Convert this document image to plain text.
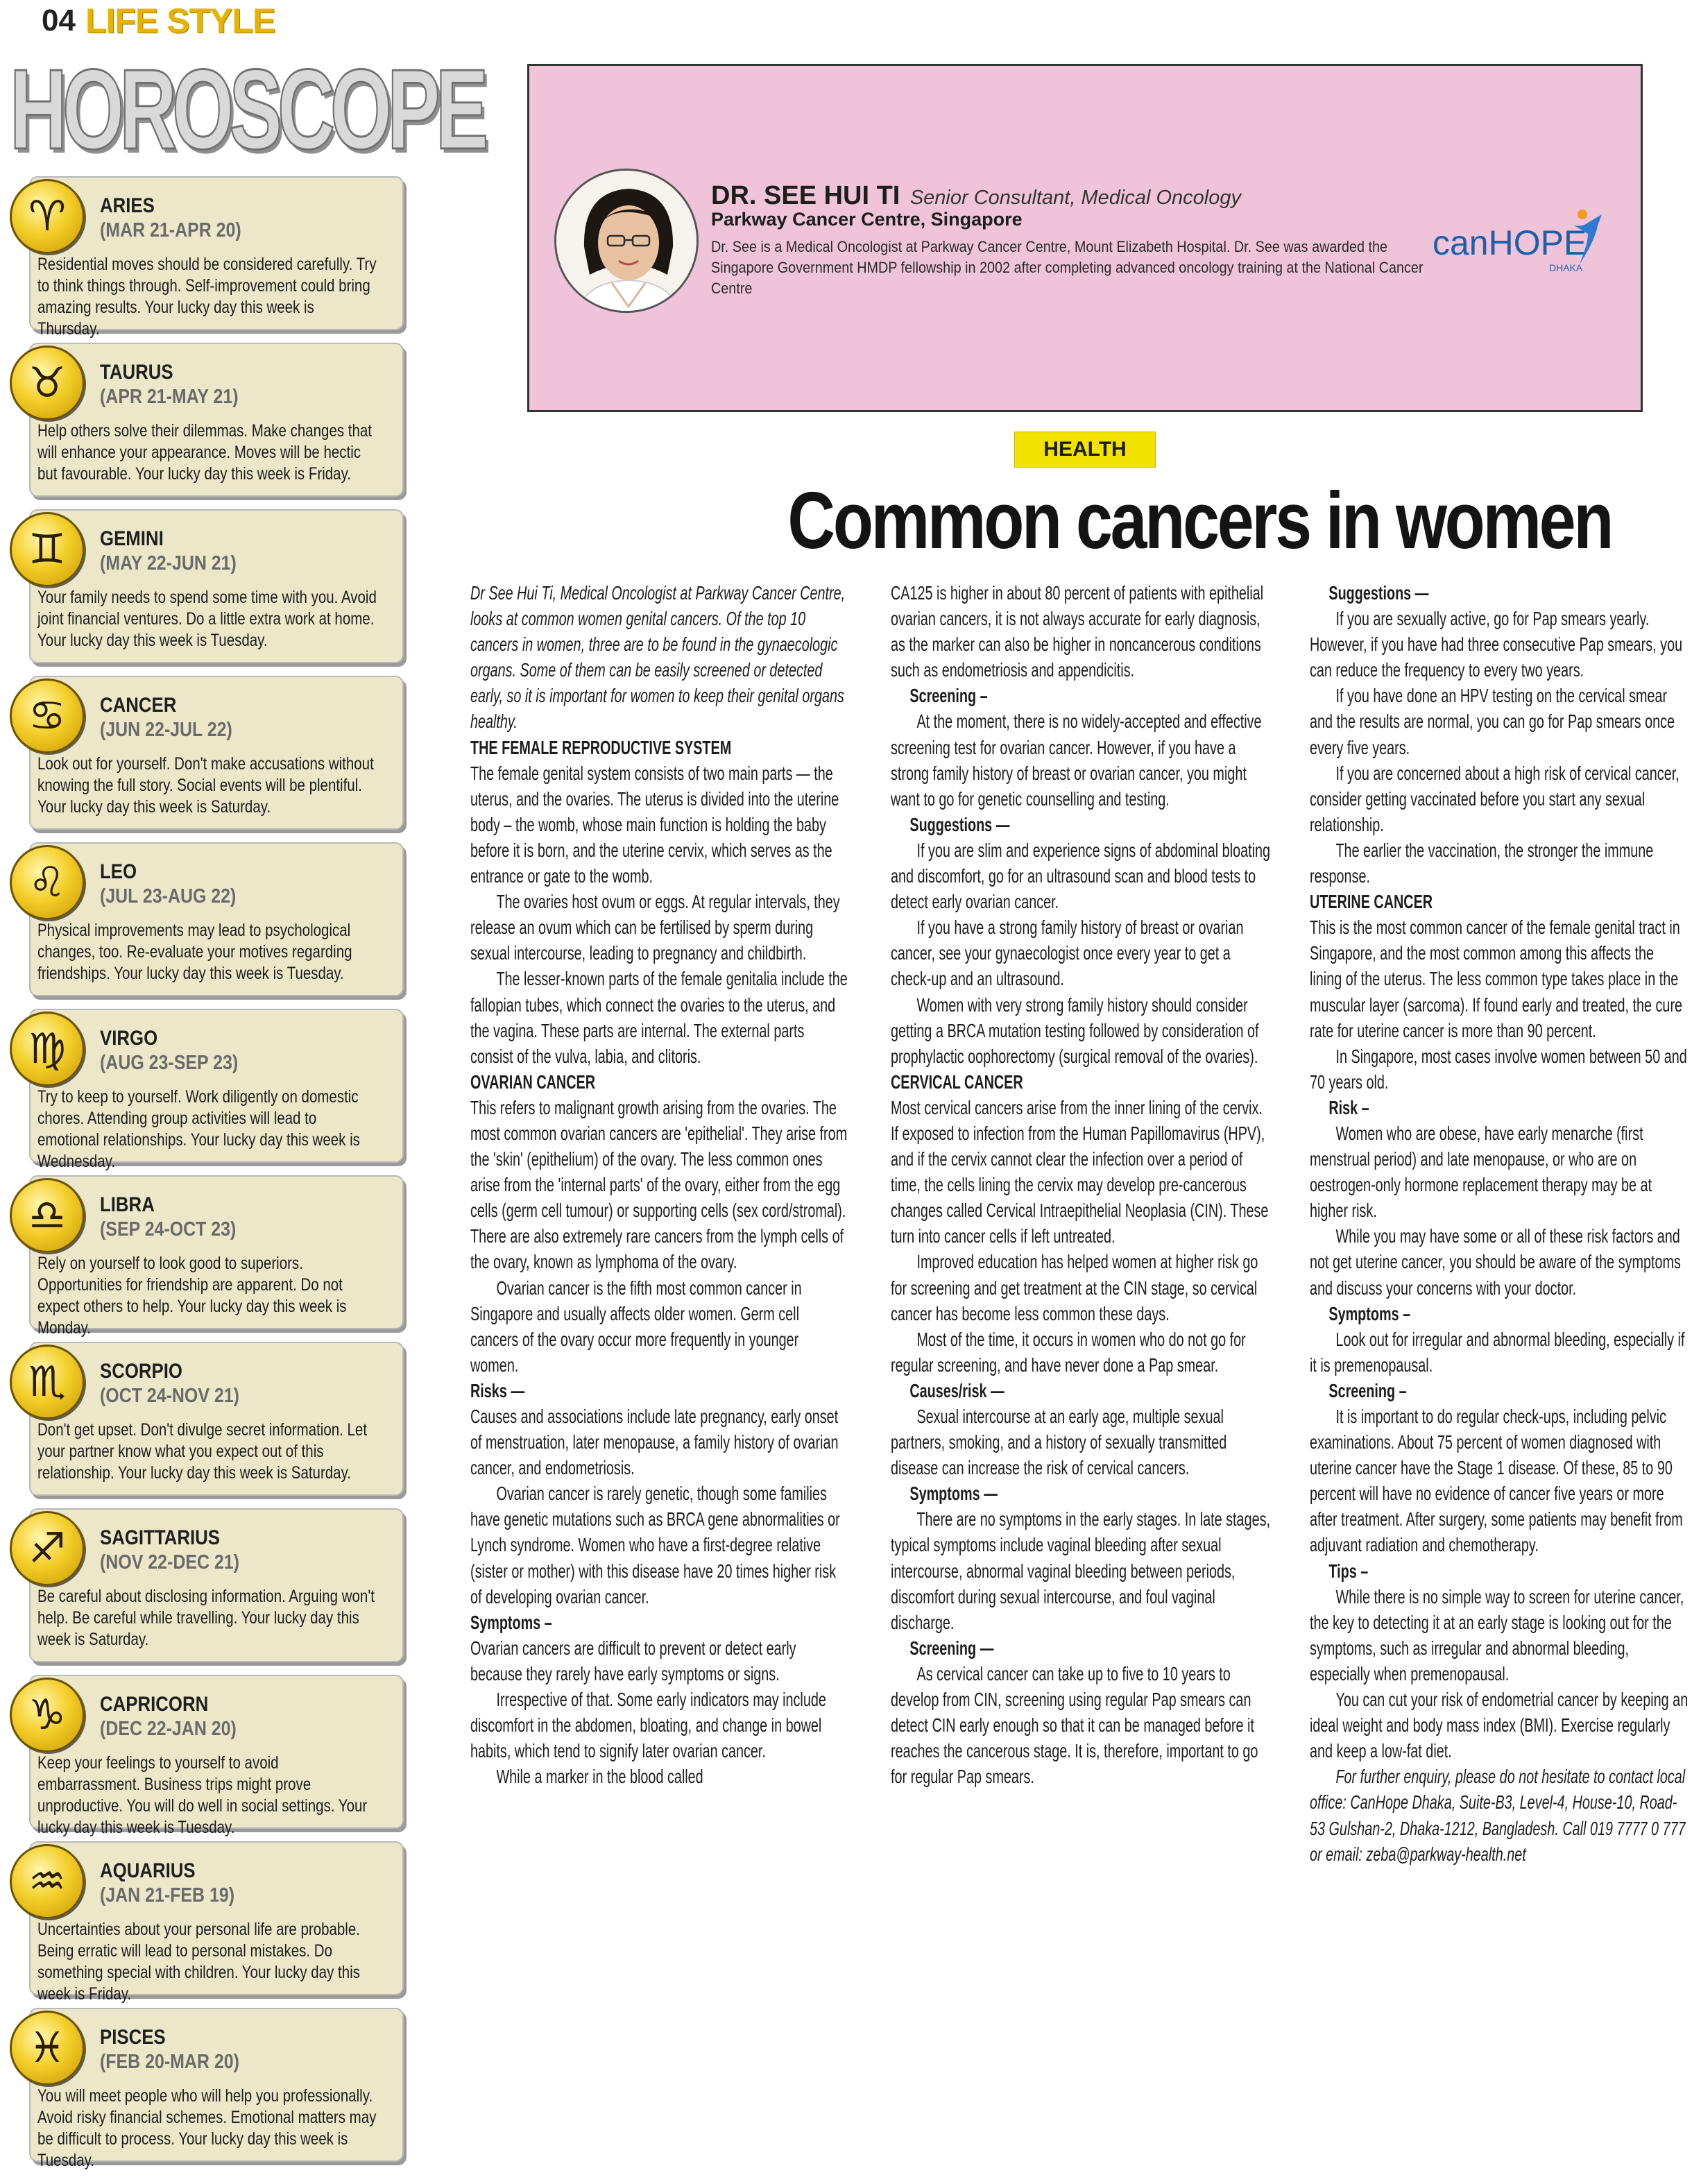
04 LIFE STYLE
HOROSCOPE
♈ ARIES
(MAR 21-APR 20)
Residential moves should be considered carefully. Try to think things through. Self-improvement could bring amazing results. Your lucky day this week is Thursday.
♉ TAURUS
(APR 21-MAY 21)
Help others solve their dilemmas. Make changes that will enhance your appearance. Moves will be hectic but favourable. Your lucky day this week is Friday.
♊ GEMINI
(MAY 22-JUN 21)
Your family needs to spend some time with you. Avoid joint financial ventures. Do a little extra work at home. Your lucky day this week is Tuesday.
♋ CANCER
(JUN 22-JUL 22)
Look out for yourself. Don't make accusations without knowing the full story. Social events will be plentiful. Your lucky day this week is Saturday.
♌ LEO
(JUL 23-AUG 22)
Physical improvements may lead to psychological changes, too. Re-evaluate your motives regarding friendships. Your lucky day this week is Tuesday.
♍ VIRGO
(AUG 23-SEP 23)
Try to keep to yourself. Work diligently on domestic chores. Attending group activities will lead to emotional relationships. Your lucky day this week is Wednesday.
♎ LIBRA
(SEP 24-OCT 23)
Rely on yourself to look good to superiors. Opportunities for friendship are apparent. Do not expect others to help. Your lucky day this week is Monday.
♏ SCORPIO
(OCT 24-NOV 21)
Don't get upset. Don't divulge secret information. Let your partner know what you expect out of this relationship. Your lucky day this week is Saturday.
♐ SAGITTARIUS
(NOV 22-DEC 21)
Be careful about disclosing information. Arguing won't help. Be careful while travelling. Your lucky day this week is Saturday.
♑ CAPRICORN
(DEC 22-JAN 20)
Keep your feelings to yourself to avoid embarrassment. Business trips might prove unproductive. You will do well in social settings. Your lucky day this week is Tuesday.
♒ AQUARIUS
(JAN 21-FEB 19)
Uncertainties about your personal life are probable. Being erratic will lead to personal mistakes. Do something special with children. Your lucky day this week is Friday.
♓ PISCES
(FEB 20-MAR 20)
You will meet people who will help you professionally. Avoid risky financial schemes. Emotional matters may be difficult to process. Your lucky day this week is Tuesday.
DR. SEE HUI TI Senior Consultant, Medical Oncology
Parkway Cancer Centre, Singapore
Dr. See is a Medical Oncologist at Parkway Cancer Centre, Mount Elizabeth Hospital. Dr. See was awarded the Singapore Government HMDP fellowship in 2002 after completing advanced oncology training at the National Cancer Centre
canHOPE
DHAKA
HEALTH
Common cancers in women

Dr See Hui Ti, Medical Oncologist at Parkway Cancer Centre, looks at common women genital cancers. Of the top 10 cancers in women, three are to be found in the gynaecologic organs. Some of them can be easily screened or detected early, so it is important for women to keep their genital organs healthy.

THE FEMALE REPRODUCTIVE SYSTEM

The female genital system consists of two main parts — the uterus, and the ovaries. The uterus is divided into the uterine body – the womb, whose main function is holding the baby before it is born, and the uterine cervix, which serves as the entrance or gate to the womb.

The ovaries host ovum or eggs. At regular intervals, they release an ovum which can be fertilised by sperm during sexual intercourse, leading to pregnancy and childbirth.

The lesser-known parts of the female genitalia include the fallopian tubes, which connect the ovaries to the uterus, and the vagina. These parts are internal. The external parts consist of the vulva, labia, and clitoris.

OVARIAN CANCER

This refers to malignant growth arising from the ovaries. The most common ovarian cancers are 'epithelial'. They arise from the 'skin' (epithelium) of the ovary. The less common ones arise from the 'internal parts' of the ovary, either from the egg cells (germ cell tumour) or supporting cells (sex cord/stromal). There are also extremely rare cancers from the lymph cells of the ovary, known as lymphoma of the ovary.

Ovarian cancer is the fifth most common cancer in Singapore and usually affects older women. Germ cell cancers of the ovary occur more frequently in younger women.

Risks —

Causes and associations include late pregnancy, early onset of menstruation, later menopause, a family history of ovarian cancer, and endometriosis.

Ovarian cancer is rarely genetic, though some families have genetic mutations such as BRCA gene abnormalities or Lynch syndrome. Women who have a first-degree relative (sister or mother) with this disease have 20 times higher risk of developing ovarian cancer.

Symptoms –

Ovarian cancers are difficult to prevent or detect early because they rarely have early symptoms or signs.

Irrespective of that. Some early indicators may include discomfort in the abdomen, bloating, and change in bowel habits, which tend to signify later ovarian cancer.

While a marker in the blood called

CA125 is higher in about 80 percent of patients with epithelial ovarian cancers, it is not always accurate for early diagnosis, as the marker can also be higher in noncancerous conditions such as endometriosis and appendicitis.

Screening –

At the moment, there is no widely-accepted and effective screening test for ovarian cancer. However, if you have a strong family history of breast or ovarian cancer, you might want to go for genetic counselling and testing.

Suggestions —

If you are slim and experience signs of abdominal bloating and discomfort, go for an ultrasound scan and blood tests to detect early ovarian cancer.

If you have a strong family history of breast or ovarian cancer, see your gynaecologist once every year to get a check-up and an ultrasound.

Women with very strong family history should consider getting a BRCA mutation testing followed by consideration of prophylactic oophorectomy (surgical removal of the ovaries).

CERVICAL CANCER

Most cervical cancers arise from the inner lining of the cervix. If exposed to infection from the Human Papillomavirus (HPV), and if the cervix cannot clear the infection over a period of time, the cells lining the cervix may develop pre-cancerous changes called Cervical Intraepithelial Neoplasia (CIN). These turn into cancer cells if left untreated.

Improved education has helped women at higher risk go for screening and get treatment at the CIN stage, so cervical cancer has become less common these days.

Most of the time, it occurs in women who do not go for regular screening, and have never done a Pap smear.

Causes/risk —

Sexual intercourse at an early age, multiple sexual partners, smoking, and a history of sexually transmitted disease can increase the risk of cervical cancers.

Symptoms —

There are no symptoms in the early stages. In late stages, typical symptoms include vaginal bleeding after sexual intercourse, abnormal vaginal bleeding between periods, discomfort during sexual intercourse, and foul vaginal discharge.

Screening —

As cervical cancer can take up to five to 10 years to develop from CIN, screening using regular Pap smears can detect CIN early enough so that it can be managed before it reaches the cancerous stage. It is, therefore, important to go for regular Pap smears.

Suggestions —

If you are sexually active, go for Pap smears yearly. However, if you have had three consecutive Pap smears, you can reduce the frequency to every two years.

If you have done an HPV testing on the cervical smear and the results are normal, you can go for Pap smears once every five years.

If you are concerned about a high risk of cervical cancer, consider getting vaccinated before you start any sexual relationship.

The earlier the vaccination, the stronger the immune response.

UTERINE CANCER

This is the most common cancer of the female genital tract in Singapore, and the most common among this affects the lining of the uterus. The less common type takes place in the muscular layer (sarcoma). If found early and treated, the cure rate for uterine cancer is more than 90 percent.

In Singapore, most cases involve women between 50 and 70 years old.

Risk –

Women who are obese, have early menarche (first menstrual period) and late menopause, or who are on oestrogen-only hormone replacement therapy may be at higher risk.

While you may have some or all of these risk factors and not get uterine cancer, you should be aware of the symptoms and discuss your concerns with your doctor.

Symptoms –

Look out for irregular and abnormal bleeding, especially if it is premenopausal.

Screening –

It is important to do regular check-ups, including pelvic examinations. About 75 percent of women diagnosed with uterine cancer have the Stage 1 disease. Of these, 85 to 90 percent will have no evidence of cancer five years or more after treatment. After surgery, some patients may benefit from adjuvant radiation and chemotherapy.

Tips –

While there is no simple way to screen for uterine cancer, the key to detecting it at an early stage is looking out for the symptoms, such as irregular and abnormal bleeding, especially when premenopausal.

You can cut your risk of endometrial cancer by keeping an ideal weight and body mass index (BMI). Exercise regularly and keep a low-fat diet.

For further enquiry, please do not hesitate to contact local office: CanHope Dhaka, Suite-B3, Level-4, House-10, Road-53 Gulshan-2, Dhaka-1212, Bangladesh. Call 019 7777 0 777 or email: zeba@parkway-health.net
